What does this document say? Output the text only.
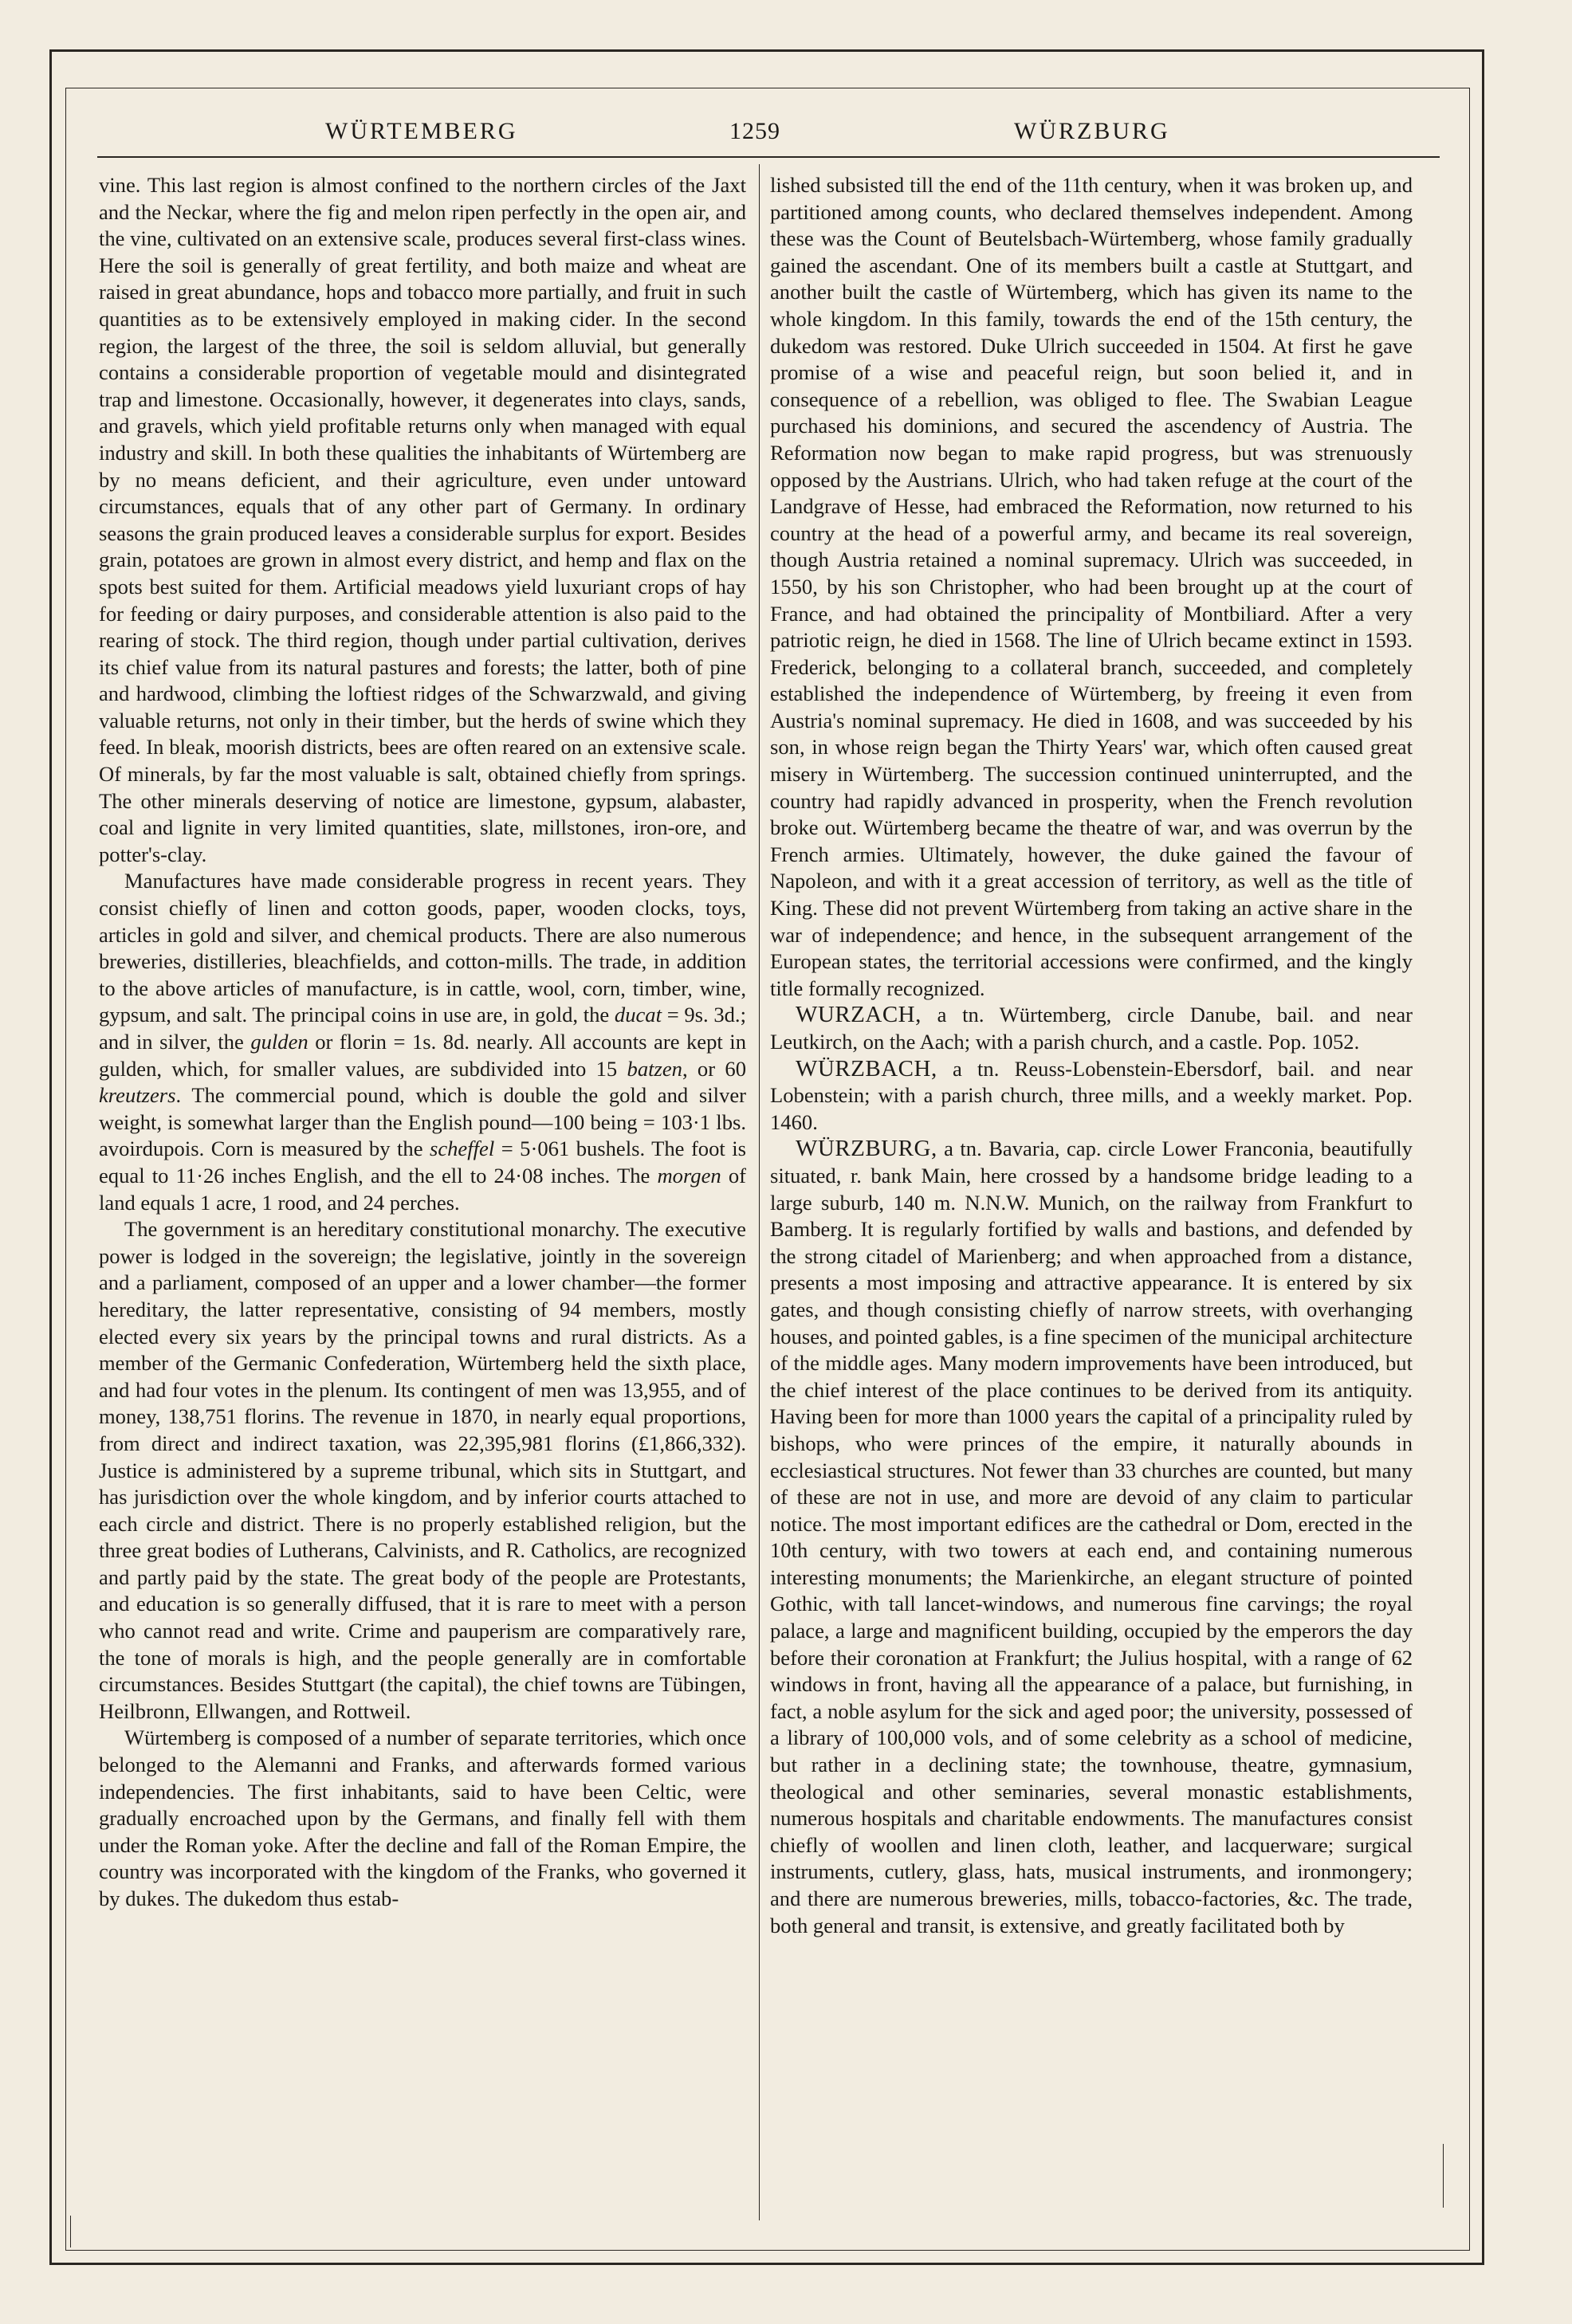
WÜRTEMBERG	1259	WÜRZBURG

vine. This last region is almost confined to the northern circles of the Jaxt and the Neckar, where the fig and melon ripen perfectly in the open air, and the vine, cultivated on an extensive scale, produces several first-class wines. Here the soil is generally of great fertility, and both maize and wheat are raised in great abundance, hops and tobacco more partially, and fruit in such quantities as to be extensively employed in making cider. In the second region, the largest of the three, the soil is seldom alluvial, but generally contains a considerable proportion of vegetable mould and disintegrated trap and limestone. Occasionally, however, it degenerates into clays, sands, and gravels, which yield profitable returns only when managed with equal industry and skill. In both these qualities the inhabitants of Würtemberg are by no means deficient, and their agriculture, even under untoward circumstances, equals that of any other part of Germany. In ordinary seasons the grain produced leaves a considerable surplus for export. Besides grain, potatoes are grown in almost every district, and hemp and flax on the spots best suited for them. Artificial meadows yield luxuriant crops of hay for feeding or dairy purposes, and considerable attention is also paid to the rearing of stock. The third region, though under partial cultivation, derives its chief value from its natural pastures and forests; the latter, both of pine and hardwood, climbing the loftiest ridges of the Schwarzwald, and giving valuable returns, not only in their timber, but the herds of swine which they feed. In bleak, moorish districts, bees are often reared on an extensive scale. Of minerals, by far the most valuable is salt, obtained chiefly from springs. The other minerals deserving of notice are limestone, gypsum, alabaster, coal and lignite in very limited quantities, slate, millstones, iron-ore, and potter's-clay.

Manufactures have made considerable progress in recent years. They consist chiefly of linen and cotton goods, paper, wooden clocks, toys, articles in gold and silver, and chemical products. There are also numerous breweries, distilleries, bleachfields, and cotton-mills. The trade, in addition to the above articles of manufacture, is in cattle, wool, corn, timber, wine, gypsum, and salt. The principal coins in use are, in gold, the ducat = 9s. 3d.; and in silver, the gulden or florin = 1s. 8d. nearly. All accounts are kept in gulden, which, for smaller values, are subdivided into 15 batzen, or 60 kreutzers. The commercial pound, which is double the gold and silver weight, is somewhat larger than the English pound—100 being = 103·1 lbs. avoirdupois. Corn is measured by the scheffel = 5·061 bushels. The foot is equal to 11·26 inches English, and the ell to 24·08 inches. The morgen of land equals 1 acre, 1 rood, and 24 perches.

The government is an hereditary constitutional monarchy. The executive power is lodged in the sovereign; the legislative, jointly in the sovereign and a parliament, composed of an upper and a lower chamber—the former hereditary, the latter representative, consisting of 94 members, mostly elected every six years by the principal towns and rural districts. As a member of the Germanic Confederation, Würtemberg held the sixth place, and had four votes in the plenum. Its contingent of men was 13,955, and of money, 138,751 florins. The revenue in 1870, in nearly equal proportions, from direct and indirect taxation, was 22,395,981 florins (£1,866,332). Justice is administered by a supreme tribunal, which sits in Stuttgart, and has jurisdiction over the whole kingdom, and by inferior courts attached to each circle and district. There is no properly established religion, but the three great bodies of Lutherans, Calvinists, and R. Catholics, are recognized and partly paid by the state. The great body of the people are Protestants, and education is so generally diffused, that it is rare to meet with a person who cannot read and write. Crime and pauperism are comparatively rare, the tone of morals is high, and the people generally are in comfortable circumstances. Besides Stuttgart (the capital), the chief towns are Tübingen, Heilbronn, Ellwangen, and Rottweil.

Würtemberg is composed of a number of separate territories, which once belonged to the Alemanni and Franks, and afterwards formed various independencies. The first inhabitants, said to have been Celtic, were gradually encroached upon by the Germans, and finally fell with them under the Roman yoke. After the decline and fall of the Roman Empire, the country was incorporated with the kingdom of the Franks, who governed it by dukes. The dukedom thus estab-

lished subsisted till the end of the 11th century, when it was broken up, and partitioned among counts, who declared themselves independent. Among these was the Count of Beutelsbach-Würtemberg, whose family gradually gained the ascendant. One of its members built a castle at Stuttgart, and another built the castle of Würtemberg, which has given its name to the whole kingdom. In this family, towards the end of the 15th century, the dukedom was restored. Duke Ulrich succeeded in 1504. At first he gave promise of a wise and peaceful reign, but soon belied it, and in consequence of a rebellion, was obliged to flee. The Swabian League purchased his dominions, and secured the ascendency of Austria. The Reformation now began to make rapid progress, but was strenuously opposed by the Austrians. Ulrich, who had taken refuge at the court of the Landgrave of Hesse, had embraced the Reformation, now returned to his country at the head of a powerful army, and became its real sovereign, though Austria retained a nominal supremacy. Ulrich was succeeded, in 1550, by his son Christopher, who had been brought up at the court of France, and had obtained the principality of Montbiliard. After a very patriotic reign, he died in 1568. The line of Ulrich became extinct in 1593. Frederick, belonging to a collateral branch, succeeded, and completely established the independence of Würtemberg, by freeing it even from Austria's nominal supremacy. He died in 1608, and was succeeded by his son, in whose reign began the Thirty Years' war, which often caused great misery in Würtemberg. The succession continued uninterrupted, and the country had rapidly advanced in prosperity, when the French revolution broke out. Würtemberg became the theatre of war, and was overrun by the French armies. Ultimately, however, the duke gained the favour of Napoleon, and with it a great accession of territory, as well as the title of King. These did not prevent Würtemberg from taking an active share in the war of independence; and hence, in the subsequent arrangement of the European states, the territorial accessions were confirmed, and the kingly title formally recognized.

WURZACH, a tn. Würtemberg, circle Danube, bail. and near Leutkirch, on the Aach; with a parish church, and a castle. Pop. 1052.

WÜRZBACH, a tn. Reuss-Lobenstein-Ebersdorf, bail. and near Lobenstein; with a parish church, three mills, and a weekly market. Pop. 1460.

WÜRZBURG, a tn. Bavaria, cap. circle Lower Franconia, beautifully situated, r. bank Main, here crossed by a handsome bridge leading to a large suburb, 140 m. N.N.W. Munich, on the railway from Frankfurt to Bamberg. It is regularly fortified by walls and bastions, and defended by the strong citadel of Marienberg; and when approached from a distance, presents a most imposing and attractive appearance. It is entered by six gates, and though consisting chiefly of narrow streets, with overhanging houses, and pointed gables, is a fine specimen of the municipal architecture of the middle ages. Many modern improvements have been introduced, but the chief interest of the place continues to be derived from its antiquity. Having been for more than 1000 years the capital of a principality ruled by bishops, who were princes of the empire, it naturally abounds in ecclesiastical structures. Not fewer than 33 churches are counted, but many of these are not in use, and more are devoid of any claim to particular notice. The most important edifices are the cathedral or Dom, erected in the 10th century, with two towers at each end, and containing numerous interesting monuments; the Marienkirche, an elegant structure of pointed Gothic, with tall lancet-windows, and numerous fine carvings; the royal palace, a large and magnificent building, occupied by the emperors the day before their coronation at Frankfurt; the Julius hospital, with a range of 62 windows in front, having all the appearance of a palace, but furnishing, in fact, a noble asylum for the sick and aged poor; the university, possessed of a library of 100,000 vols, and of some celebrity as a school of medicine, but rather in a declining state; the townhouse, theatre, gymnasium, theological and other seminaries, several monastic establishments, numerous hospitals and charitable endowments. The manufactures consist chiefly of woollen and linen cloth, leather, and lacquerware; surgical instruments, cutlery, glass, hats, musical instruments, and ironmongery; and there are numerous breweries, mills, tobacco-factories, &c. The trade, both general and transit, is extensive, and greatly facilitated both by
